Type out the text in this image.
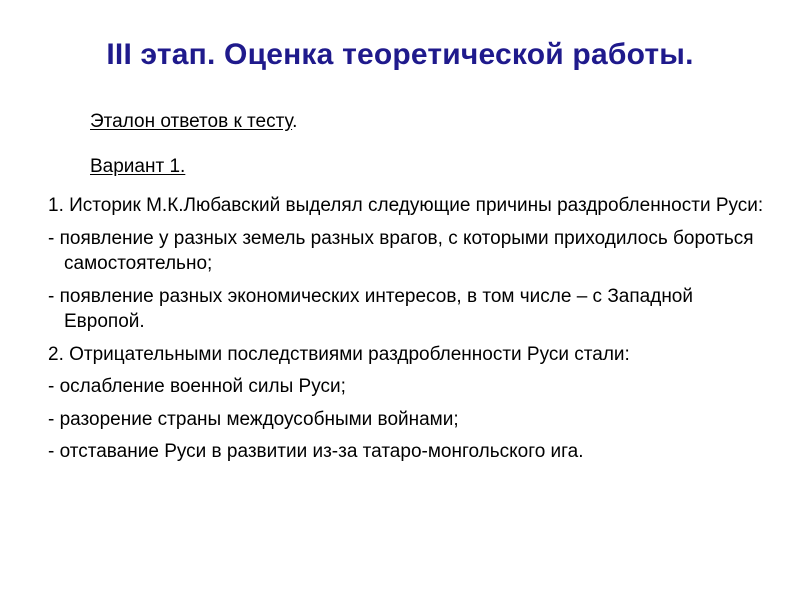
III этап. Оценка теоретической работы.
Эталон ответов к тесту.
Вариант 1.

1. Историк М.К.Любавский выделял следующие причины раздробленности Руси:

- появление у разных земель разных врагов, с которыми приходилось бороться самостоятельно;

- появление разных экономических интересов, в том числе – с Западной Европой.

2. Отрицательными последствиями раздробленности Руси стали:

- ослабление военной силы Руси;

- разорение страны междоусобными войнами;

- отставание Руси в развитии из-за татаро-монгольского ига.
